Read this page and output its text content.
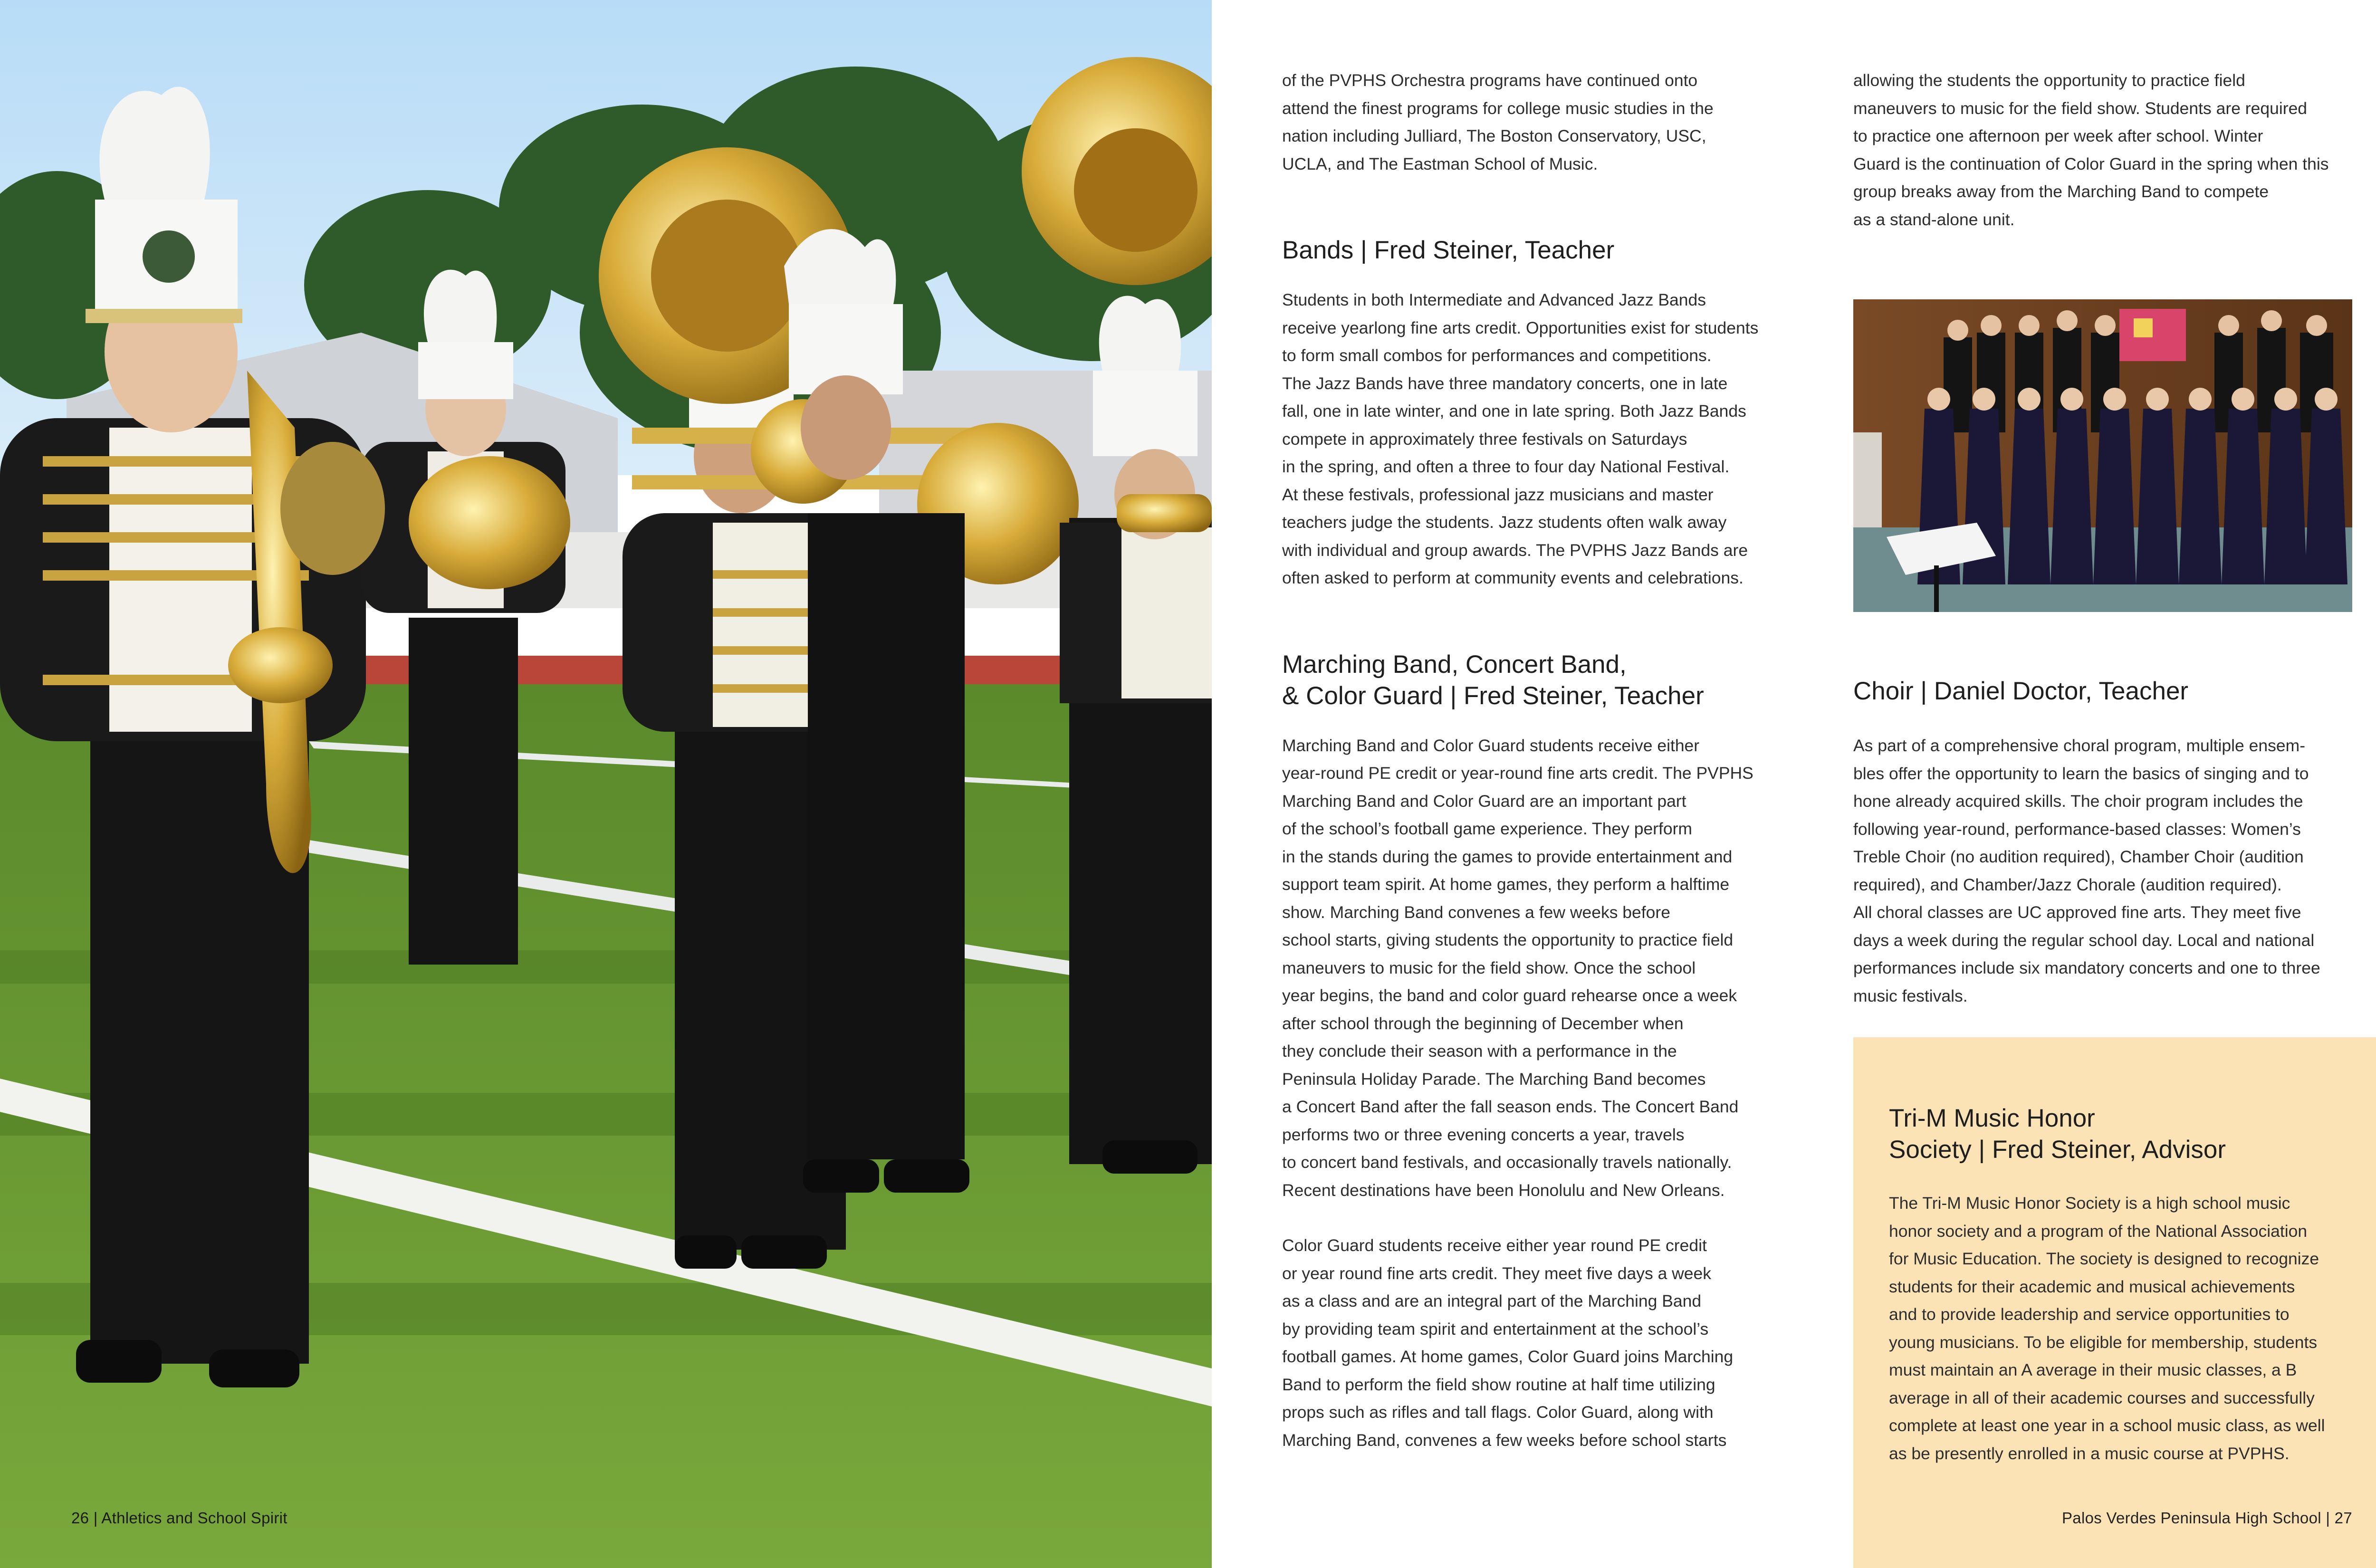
26 | Athletics and School Spirit

of the PVPHS Orchestra programs have continued onto
attend the finest programs for college music studies in the
nation including Julliard, The Boston Conservatory, USC,
UCLA, and The Eastman School of Music.

Bands | Fred Steiner, Teacher

Students in both Intermediate and Advanced Jazz Bands
receive yearlong fine arts credit. Opportunities exist for students
to form small combos for performances and competitions.
The Jazz Bands have three mandatory concerts, one in late
fall, one in late winter, and one in late spring. Both Jazz Bands
compete in approximately three festivals on Saturdays
in the spring, and often a three to four day National Festival.
At these festivals, professional jazz musicians and master
teachers judge the students. Jazz students often walk away
with individual and group awards. The PVPHS Jazz Bands are
often asked to perform at community events and celebrations.

Marching Band, Concert Band,
& Color Guard | Fred Steiner, Teacher

Marching Band and Color Guard students receive either
year-round PE credit or year-round fine arts credit. The PVPHS
Marching Band and Color Guard are an important part
of the school’s football game experience. They perform
in the stands during the games to provide entertainment and
support team spirit. At home games, they perform a halftime
show. Marching Band convenes a few weeks before
school starts, giving students the opportunity to practice field
maneuvers to music for the field show. Once the school
year begins, the band and color guard rehearse once a week
after school through the beginning of December when
they conclude their season with a performance in the
Peninsula Holiday Parade. The Marching Band becomes
a Concert Band after the fall season ends. The Concert Band
performs two or three evening concerts a year, travels
to concert band festivals, and occasionally travels nationally.
Recent destinations have been Honolulu and New Orleans.

Color Guard students receive either year round PE credit
or year round fine arts credit. They meet five days a week
as a class and are an integral part of the Marching Band
by providing team spirit and entertainment at the school’s
football games. At home games, Color Guard joins Marching
Band to perform the field show routine at half time utilizing
props such as rifles and tall flags. Color Guard, along with
Marching Band, convenes a few weeks before school starts

allowing the students the opportunity to practice field
maneuvers to music for the field show. Students are required
to practice one afternoon per week after school. Winter
Guard is the continuation of Color Guard in the spring when this
group breaks away from the Marching Band to compete
as a stand-alone unit.

Choir | Daniel Doctor, Teacher

As part of a comprehensive choral program, multiple ensem-
bles offer the opportunity to learn the basics of singing and to
hone already acquired skills. The choir program includes the
following year-round, performance-based classes: Women’s
Treble Choir (no audition required), Chamber Choir (audition
required), and Chamber/Jazz Chorale (audition required).
All choral classes are UC approved fine arts. They meet five
days a week during the regular school day. Local and national
performances include six mandatory concerts and one to three
music festivals.

Tri-M Music Honor
Society | Fred Steiner, Advisor

The Tri-M Music Honor Society is a high school music
honor society and a program of the National Association
for Music Education. The society is designed to recognize
students for their academic and musical achievements
and to provide leadership and service opportunities to
young musicians. To be eligible for membership, students
must maintain an A average in their music classes, a B
average in all of their academic courses and successfully
complete at least one year in a school music class, as well
as be presently enrolled in a music course at PVPHS.

Palos Verdes Peninsula High School | 27
